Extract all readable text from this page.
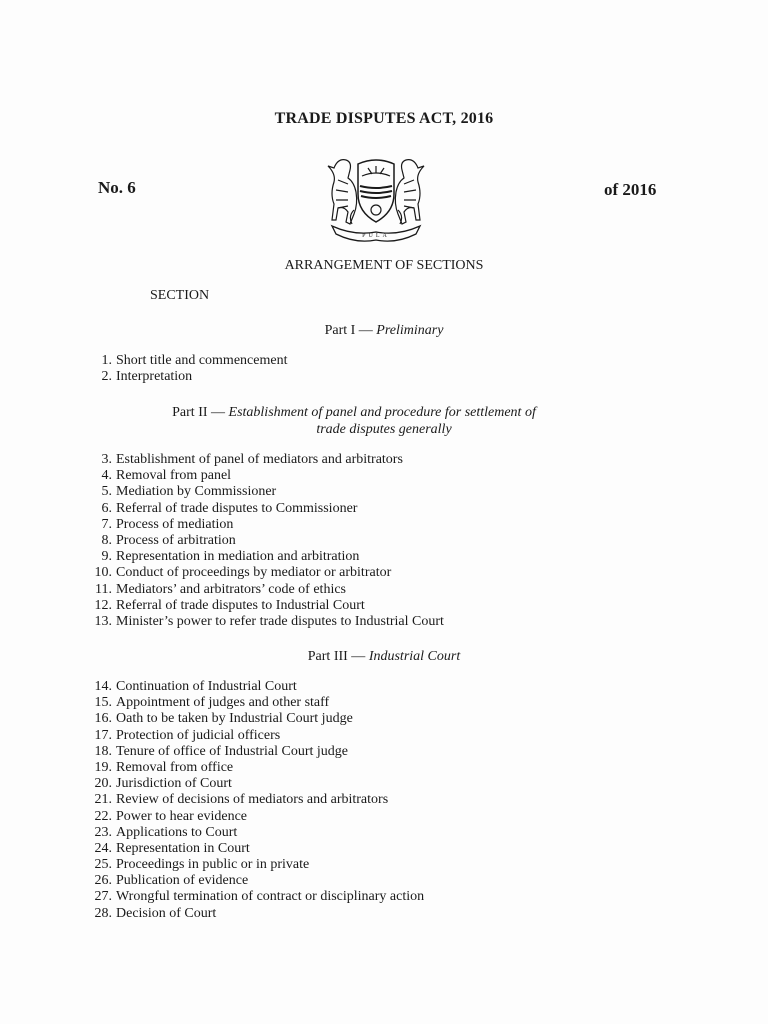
TRADE DISPUTES ACT, 2016
No. 6	of 2016
PULA
ARRANGEMENT OF SECTIONS
SECTION
Part I — Preliminary
1. Short title and commencement
2. Interpretation
Part II — Establishment of panel and procedure for settlement of
trade disputes generally
3. Establishment of panel of mediators and arbitrators
4. Removal from panel
5. Mediation by Commissioner
6. Referral of trade disputes to Commissioner
7. Process of mediation
8. Process of arbitration
9. Representation in mediation and arbitration
10. Conduct of proceedings by mediator or arbitrator
11. Mediators’ and arbitrators’ code of ethics
12. Referral of trade disputes to Industrial Court
13. Minister’s power to refer trade disputes to Industrial Court
Part III — Industrial Court
14. Continuation of Industrial Court
15. Appointment of judges and other staff
16. Oath to be taken by Industrial Court judge
17. Protection of judicial officers
18. Tenure of office of Industrial Court judge
19. Removal from office
20. Jurisdiction of Court
21. Review of decisions of mediators and arbitrators
22. Power to hear evidence
23. Applications to Court
24. Representation in Court
25. Proceedings in public or in private
26. Publication of evidence
27. Wrongful termination of contract or disciplinary action
28. Decision of Court
